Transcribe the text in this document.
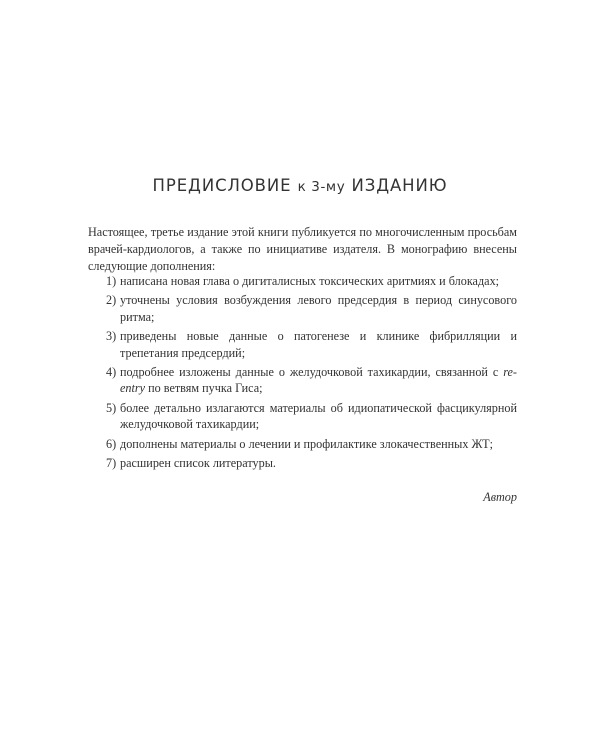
ПРЕДИСЛОВИЕ к 3-му ИЗДАНИЮ

Настоящее, третье издание этой книги публикуется по многочисленным просьбам врачей-кардиологов, а также по инициативе издателя. В монографию внесены следующие дополнения:

1) написана новая глава о дигиталисных токсических аритмиях и блокадах;
2) уточнены условия возбуждения левого предсердия в период синусового ритма;
3) приведены новые данные о патогенезе и клинике фибрилляции и трепетания предсердий;
4) подробнее изложены данные о желудочковой тахикардии, связанной с re-entry по ветвям пучка Гиса;
5) более детально излагаются материалы об идиопатической фасцикулярной желудочковой тахикардии;
6) дополнены материалы о лечении и профилактике злокачественных ЖТ;
7) расширен список литературы.
Автор
